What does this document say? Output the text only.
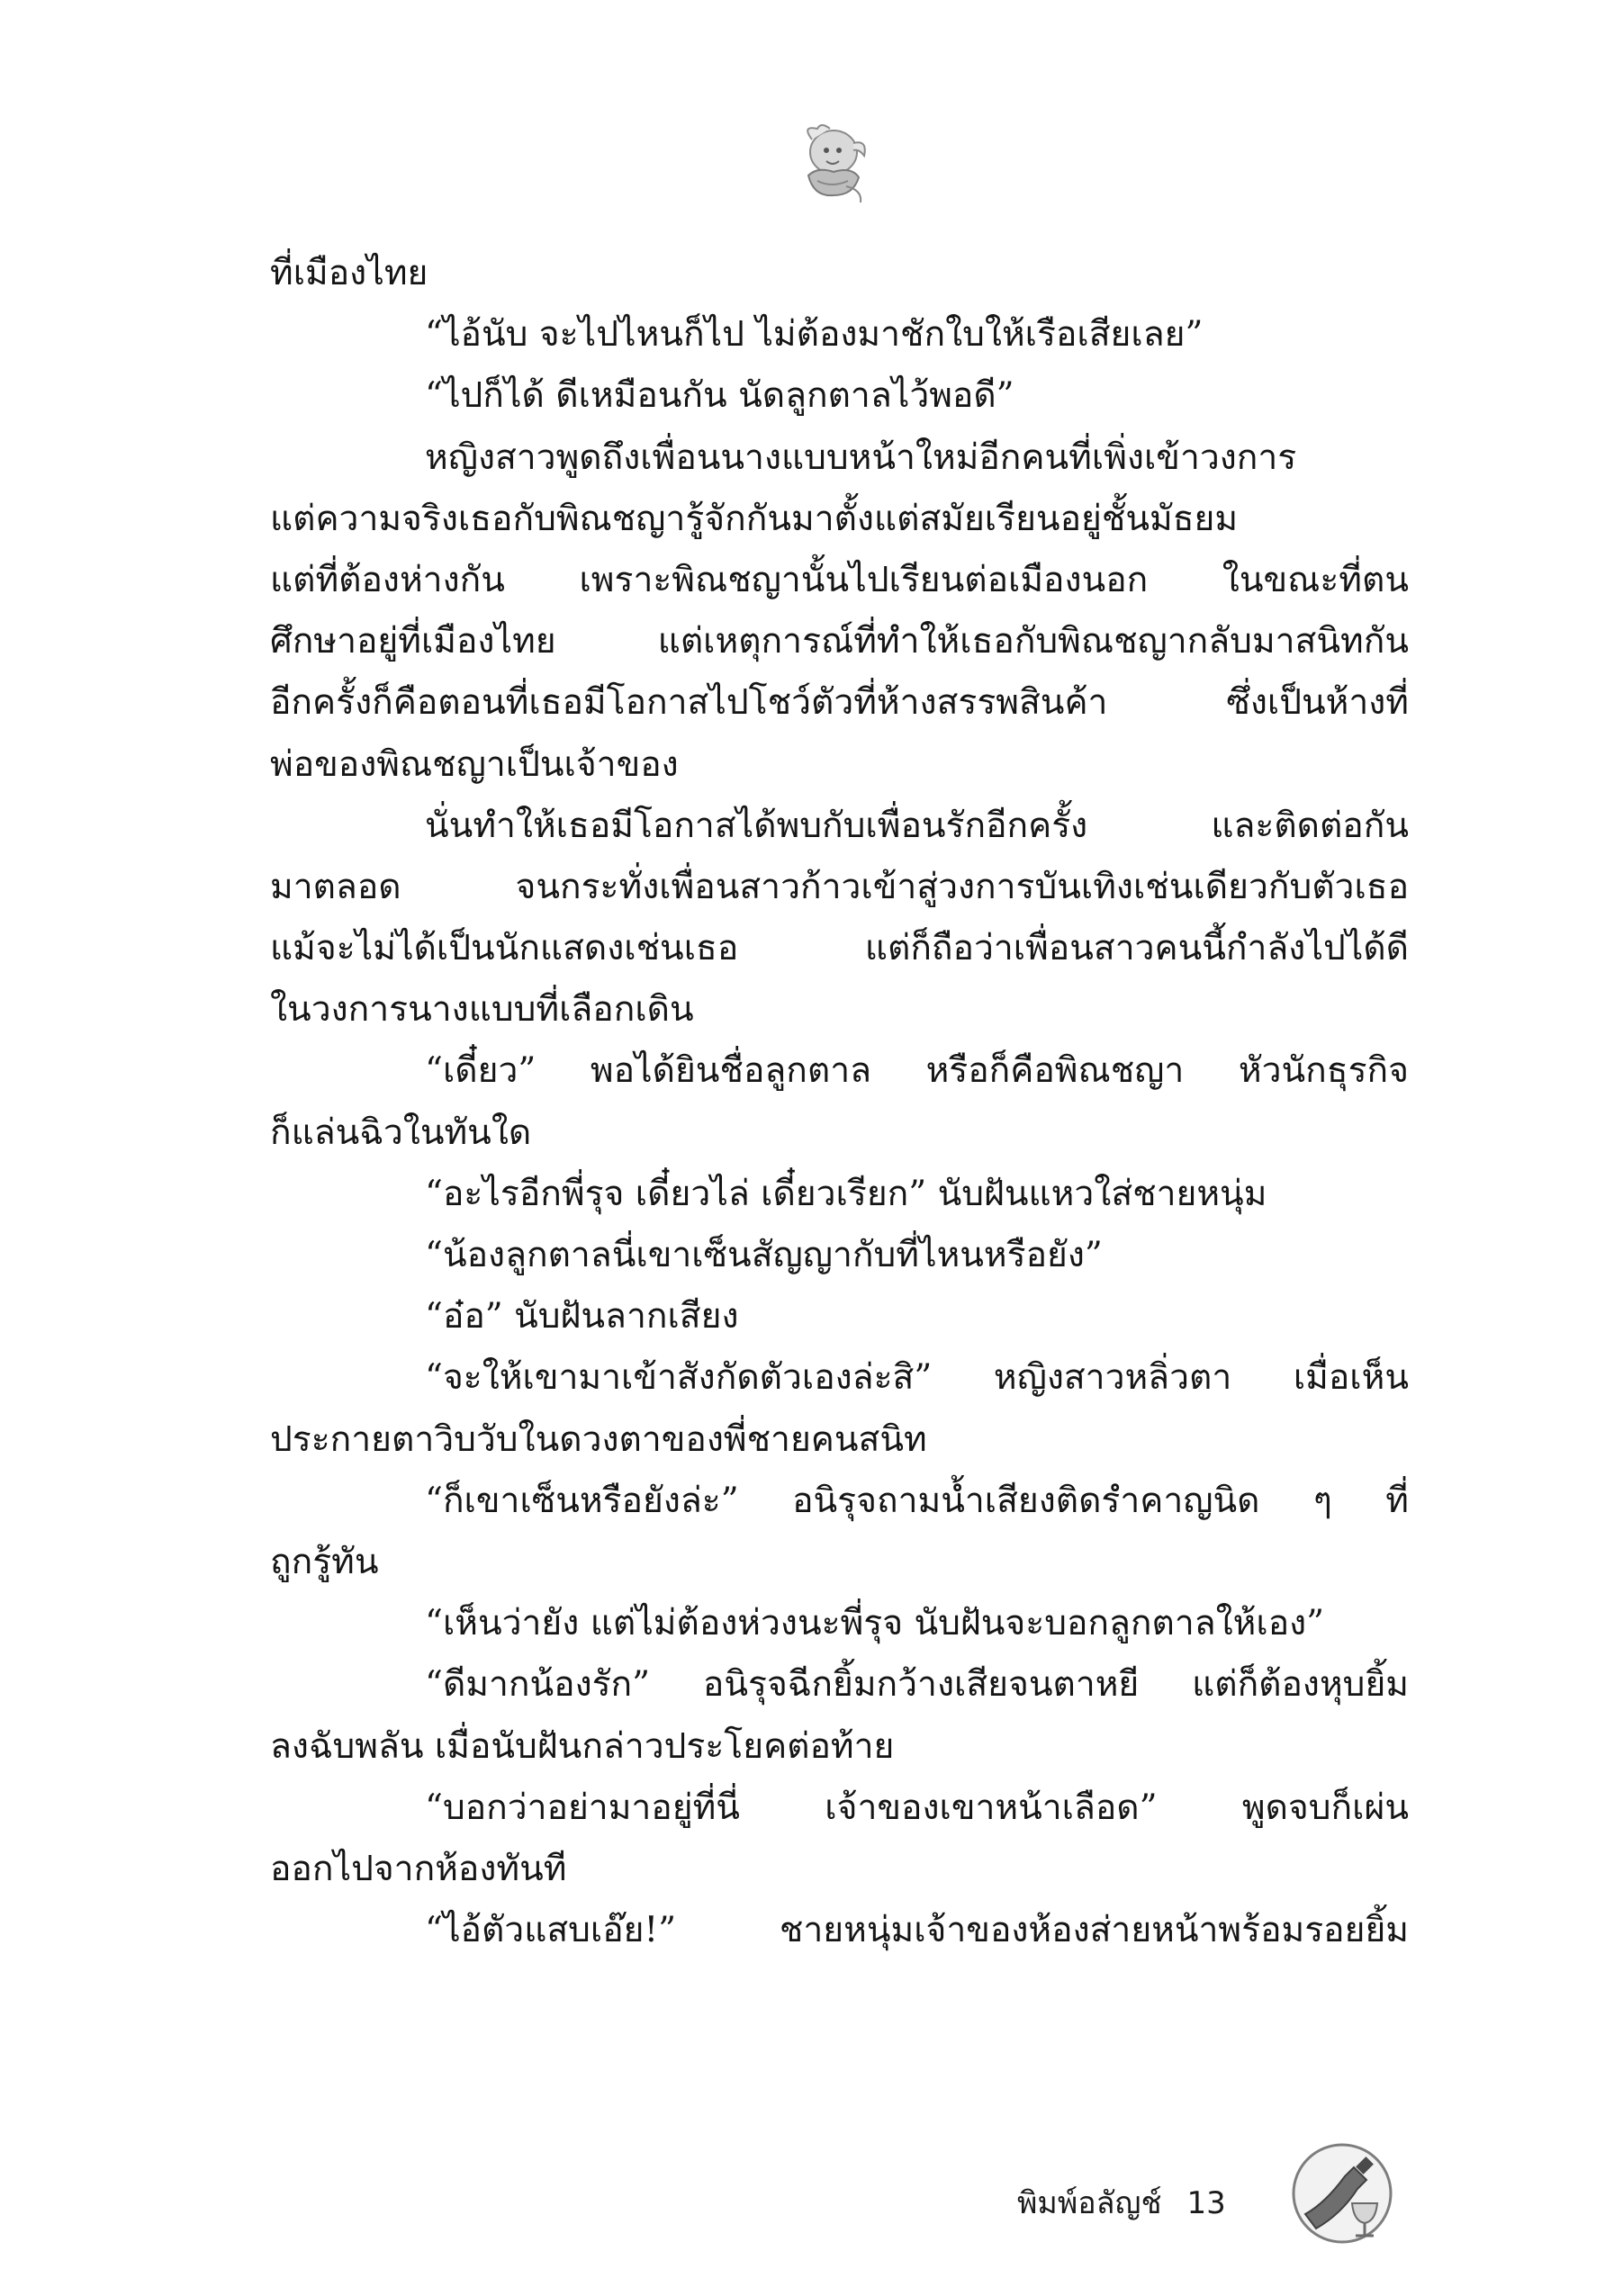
ที่เมืองไทย
“ไอ้นับ จะไปไหนก็ไป ไม่ต้องมาชักใบให้เรือเสียเลย”
“ไปก็ได้ ดีเหมือนกัน นัดลูกตาลไว้พอดี”
หญิงสาวพูดถึงเพื่อนนางแบบหน้าใหม่อีกคนที่เพิ่งเข้าวงการ
แต่ความจริงเธอกับพิณชญารู้จักกันมาตั้งแต่สมัยเรียนอยู่ชั้นมัธยม
แต่ที่ต้องห่างกัน เพราะพิณชญานั้นไปเรียนต่อเมืองนอก ในขณะที่ตน
ศึกษาอยู่ที่เมืองไทย แต่เหตุการณ์ที่ทำให้เธอกับพิณชญากลับมาสนิทกัน
อีกครั้งก็คือตอนที่เธอมีโอกาสไปโชว์ตัวที่ห้างสรรพสินค้า ซึ่งเป็นห้างที่
พ่อของพิณชญาเป็นเจ้าของ
นั่นทำให้เธอมีโอกาสได้พบกับเพื่อนรักอีกครั้ง และติดต่อกัน
มาตลอด จนกระทั่งเพื่อนสาวก้าวเข้าสู่วงการบันเทิงเช่นเดียวกับตัวเธอ
แม้จะไม่ได้เป็นนักแสดงเช่นเธอ แต่ก็ถือว่าเพื่อนสาวคนนี้กำลังไปได้ดี
ในวงการนางแบบที่เลือกเดิน
“เดี๋ยว” พอได้ยินชื่อลูกตาล หรือก็คือพิณชญา หัวนักธุรกิจ
ก็แล่นฉิวในทันใด
“อะไรอีกพี่รุจ เดี๋ยวไล่ เดี๋ยวเรียก” นับฝันแหวใส่ชายหนุ่ม
“น้องลูกตาลนี่เขาเซ็นสัญญากับที่ไหนหรือยัง”
“อ๋อ” นับฝันลากเสียง
“จะให้เขามาเข้าสังกัดตัวเองล่ะสิ” หญิงสาวหลิ่วตา เมื่อเห็น
ประกายตาวิบวับในดวงตาของพี่ชายคนสนิท
“ก็เขาเซ็นหรือยังล่ะ” อนิรุจถามน้ำเสียงติดรำคาญนิด ๆ ที่
ถูกรู้ทัน
“เห็นว่ายัง แต่ไม่ต้องห่วงนะพี่รุจ นับฝันจะบอกลูกตาลให้เอง”
“ดีมากน้องรัก” อนิรุจฉีกยิ้มกว้างเสียจนตาหยี แต่ก็ต้องหุบยิ้ม
ลงฉับพลัน เมื่อนับฝันกล่าวประโยคต่อท้าย
“บอกว่าอย่ามาอยู่ที่นี่ เจ้าของเขาหน้าเลือด” พูดจบก็เผ่น
ออกไปจากห้องทันที
“ไอ้ตัวแสบเอ๊ย!” ชายหนุ่มเจ้าของห้องส่ายหน้าพร้อมรอยยิ้ม
พิมพ์อลัญช์ 13
